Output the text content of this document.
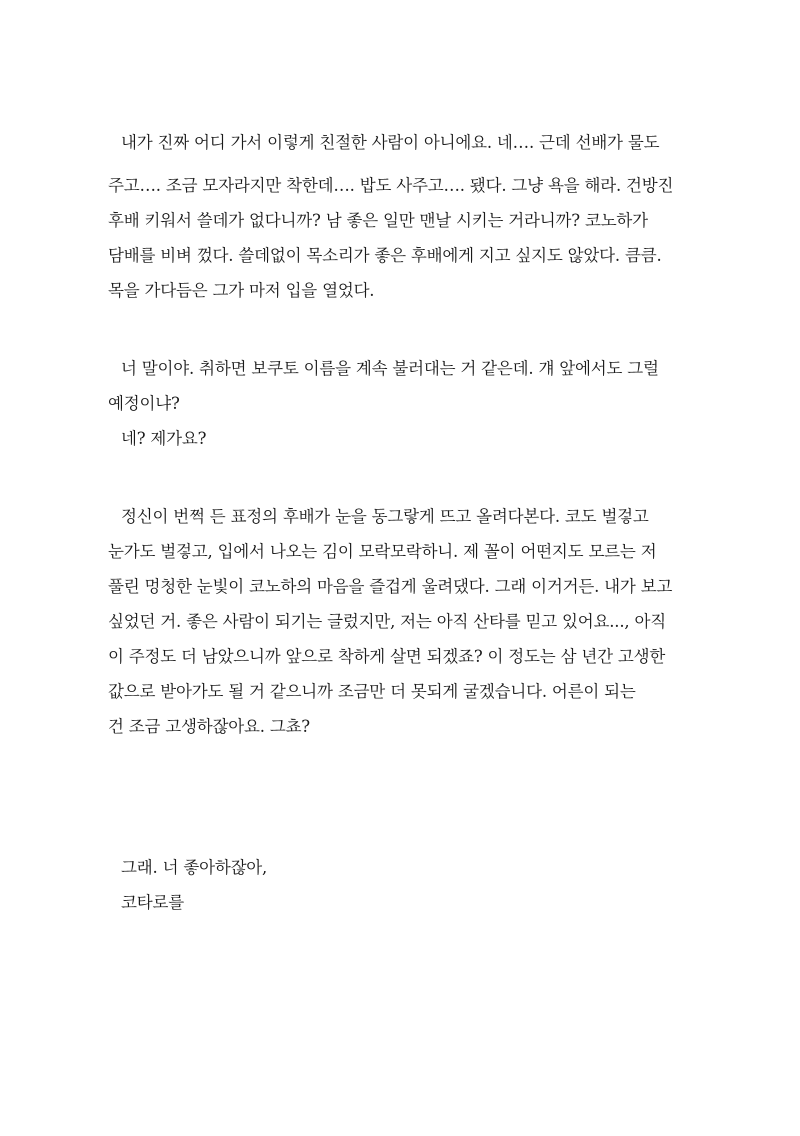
내가 진짜 어디 가서 이렇게 친절한 사람이 아니에요. 네…. 근데 선배가 물도
주고…. 조금 모자라지만 착한데…. 밥도 사주고…. 됐다. 그냥 욕을 해라. 건방진
후배 키워서 쓸데가 없다니까? 남 좋은 일만 맨날 시키는 거라니까? 코노하가
담배를 비벼 껐다. 쓸데없이 목소리가 좋은 후배에게 지고 싶지도 않았다. 큼큼.
목을 가다듬은 그가 마저 입을 열었다.
너 말이야. 취하면 보쿠토 이름을 계속 불러대는 거 같은데. 걔 앞에서도 그럴
예정이냐?
네? 제가요?
정신이 번쩍 든 표정의 후배가 눈을 동그랗게 뜨고 올려다본다. 코도 벌겋고
눈가도 벌겋고, 입에서 나오는 김이 모락모락하니. 제 꼴이 어떤지도 모르는 저
풀린 멍청한 눈빛이 코노하의 마음을 즐겁게 울려댔다. 그래 이거거든. 내가 보고
싶었던 거. 좋은 사람이 되기는 글렀지만, 저는 아직 산타를 믿고 있어요..., 아직
이 주정도 더 남았으니까 앞으로 착하게 살면 되겠죠? 이 정도는 삼 년간 고생한
값으로 받아가도 될 거 같으니까 조금만 더 못되게 굴겠습니다. 어른이 되는
건 조금 고생하잖아요. 그쵸?
그래. 너 좋아하잖아,
코타로를
